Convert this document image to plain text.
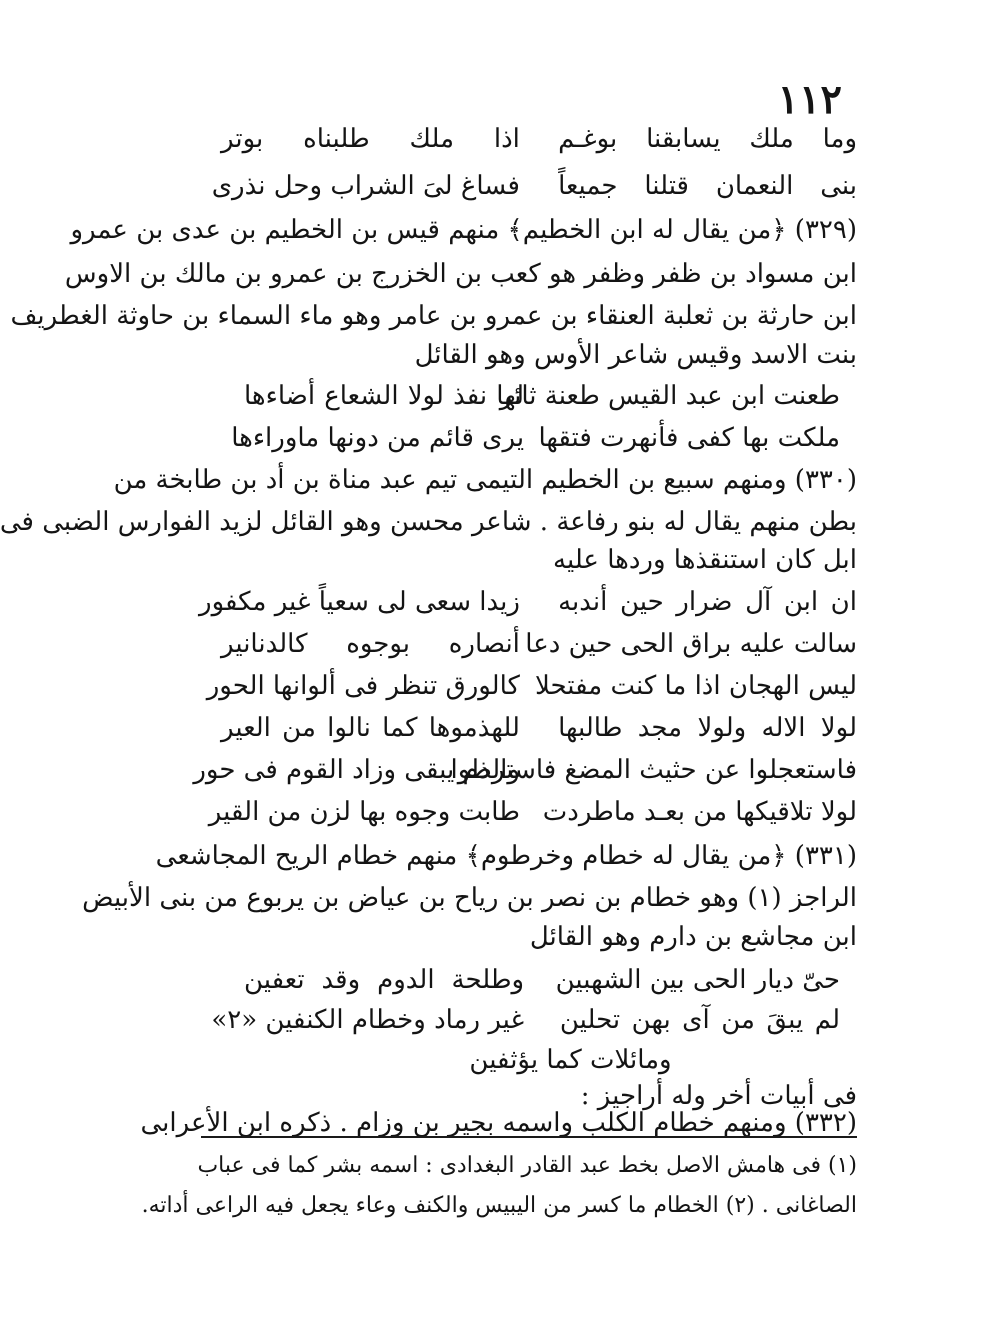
١١٢
وما ملك يسابقنا بوغـم
اذا ملك طلبناه بوتر
بنى النعمان قتلنا جميعاً
فساغ لىَ الشراب وحل نذرى
(٣٢٩) ﴿من يقال له ابن الخطيم﴾ منهم قيس بن الخطيم بن عدى بن عمرو
ابن مسواد بن ظفر وظفر هو كعب بن الخزرج بن عمرو بن مالك بن الاوس
ابن حارثة بن ثعلبة العنقاء بن عمرو بن عامر وهو ماء السماء بن حاوثة الغطريف
بنت الاسد وقيس شاعر الأوس وهو القائل
طعنت ابن عبد القيس طعنة ثائر
لها نفذ لولا الشعاع أضاءها
ملكت بها كفى فأنهرت فتقها
يرى قائم من دونها ماوراءها
(٣٣٠) ومنهم سبيع بن الخطيم التيمى تيم عبد مناة بن أد بن طابخة من
بطن منهم يقال له بنو رفاعة . شاعر محسن وهو القائل لزيد الفوارس الضبى فى
ابل كان استنقذها وردها عليه
ان ابن آل ضرار حين أندبه
زيدا سعى لى سعياً غير مكفور
سالت عليه براق الحى حين دعا
أنصاره بوجوه كالدنانير
ليس الهجان اذا ما كنت مفتحلا
كالورق تنظر فى ألوانها الحور
لولا الاله ولولا مجد طالبها
للهذموها كما نالوا من العير
فاستعجلوا عن حثيث المضغ فاسترطوا
والذم يبقى وزاد القوم فى حور
لولا تلاقيكها من بعـد ماطردت
طابت وجوه بها لزن من القير
(٣٣١) ﴿من يقال له خطام وخرطوم﴾ منهم خطام الريح المجاشعى
الراجز (١) وهو خطام بن نصر بن رياح بن عياض بن يربوع من بنى الأبيض
ابن مجاشع بن دارم وهو القائل
حىّ ديار الحى بين الشهبين
وطلحة الدوم وقد تعفين
لم يبقَ من آى بهن تحلين
غير رماد وخطام الكنفين «٢»
ومائلات كما يؤثفين
فى أبيات أخر وله أراجيز :
(٣٣٢) ومنهم خطام الكلب واسمه بجير بن وزام . ذكره ابن الأعرابى
(١) فى هامش الاصل بخط عبد القادر البغدادى : اسمه بشر كما فى عباب
الصاغانى . (٢) الخطام ما كسر من اليبيس والكنف وعاء يجعل فيه الراعى أداته.
